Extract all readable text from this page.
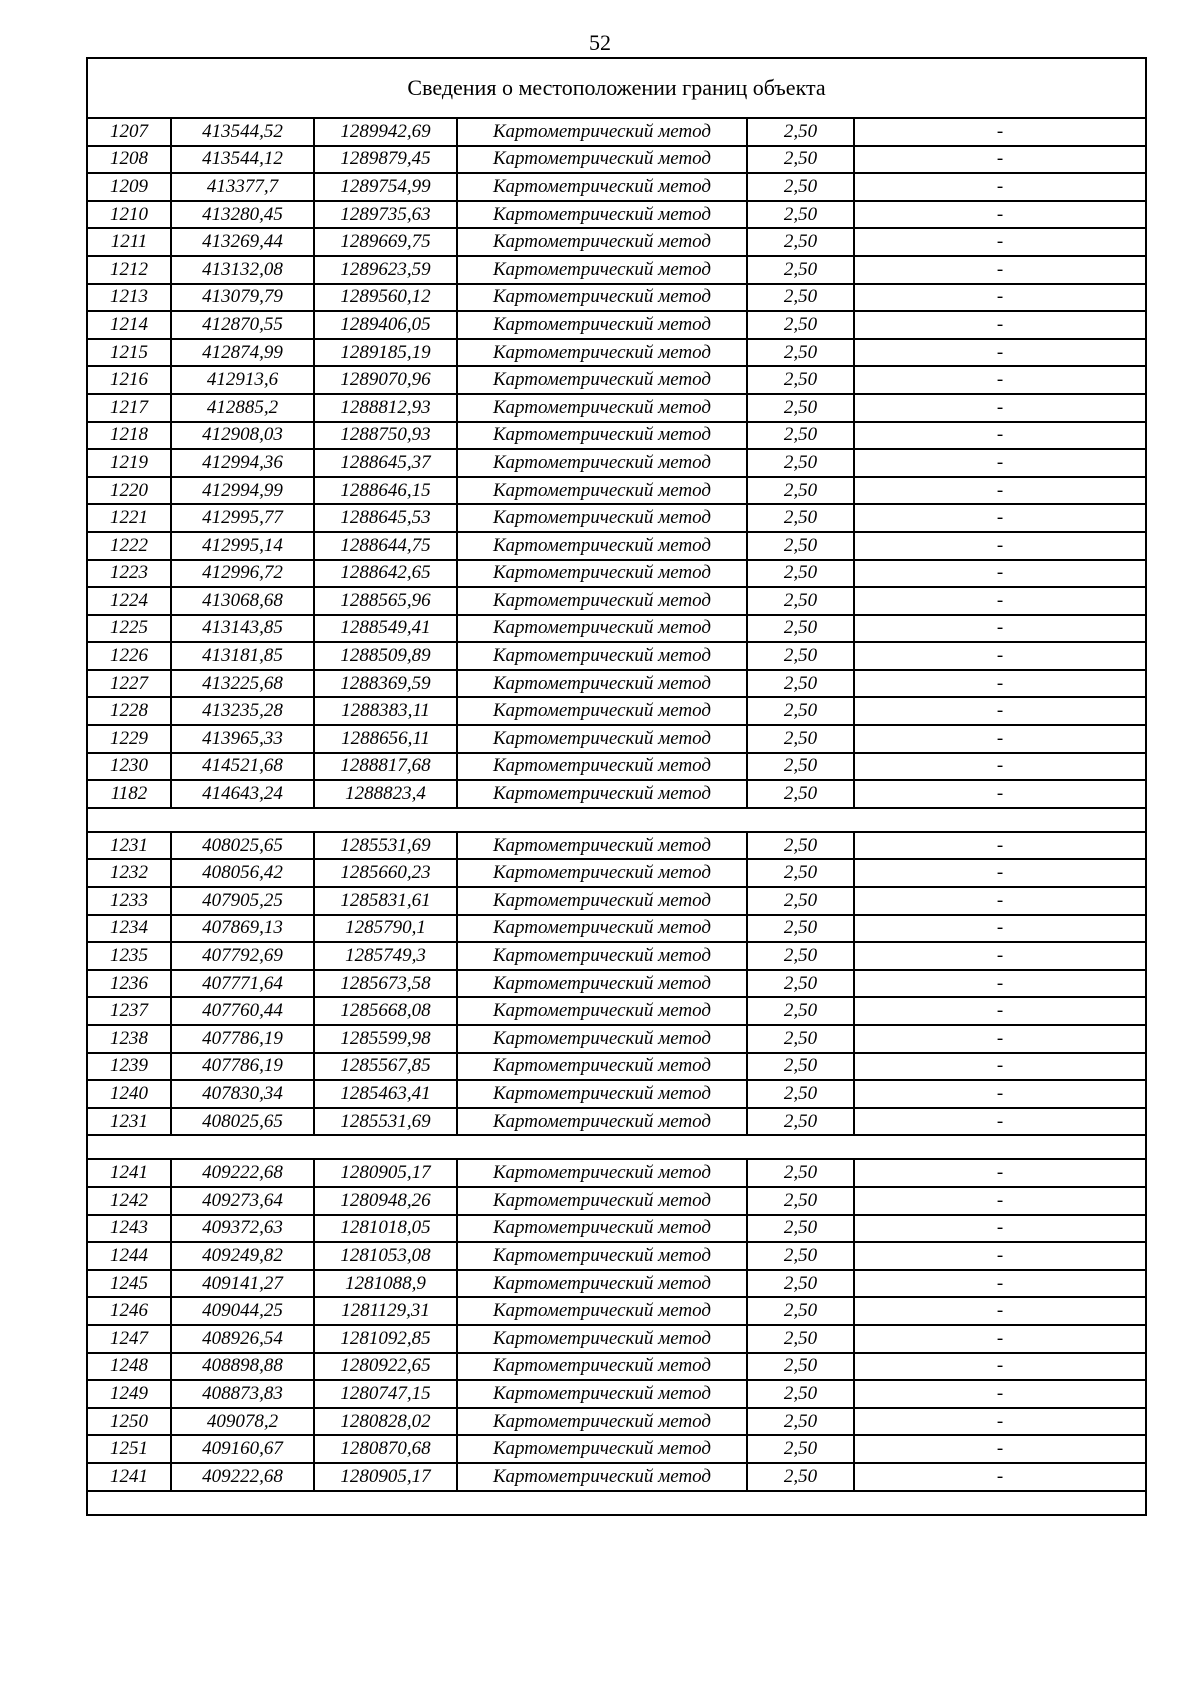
52
Сведения о местоположении границ объекта					
1207	413544,52	1289942,69	Картометрический метод	2,50	-
1208	413544,12	1289879,45	Картометрический метод	2,50	-
1209	413377,7	1289754,99	Картометрический метод	2,50	-
1210	413280,45	1289735,63	Картометрический метод	2,50	-
1211	413269,44	1289669,75	Картометрический метод	2,50	-
1212	413132,08	1289623,59	Картометрический метод	2,50	-
1213	413079,79	1289560,12	Картометрический метод	2,50	-
1214	412870,55	1289406,05	Картометрический метод	2,50	-
1215	412874,99	1289185,19	Картометрический метод	2,50	-
1216	412913,6	1289070,96	Картометрический метод	2,50	-
1217	412885,2	1288812,93	Картометрический метод	2,50	-
1218	412908,03	1288750,93	Картометрический метод	2,50	-
1219	412994,36	1288645,37	Картометрический метод	2,50	-
1220	412994,99	1288646,15	Картометрический метод	2,50	-
1221	412995,77	1288645,53	Картометрический метод	2,50	-
1222	412995,14	1288644,75	Картометрический метод	2,50	-
1223	412996,72	1288642,65	Картометрический метод	2,50	-
1224	413068,68	1288565,96	Картометрический метод	2,50	-
1225	413143,85	1288549,41	Картометрический метод	2,50	-
1226	413181,85	1288509,89	Картометрический метод	2,50	-
1227	413225,68	1288369,59	Картометрический метод	2,50	-
1228	413235,28	1288383,11	Картометрический метод	2,50	-
1229	413965,33	1288656,11	Картометрический метод	2,50	-
1230	414521,68	1288817,68	Картометрический метод	2,50	-
1182	414643,24	1288823,4	Картометрический метод	2,50	-

1231	408025,65	1285531,69	Картометрический метод	2,50	-
1232	408056,42	1285660,23	Картометрический метод	2,50	-
1233	407905,25	1285831,61	Картометрический метод	2,50	-
1234	407869,13	1285790,1	Картометрический метод	2,50	-
1235	407792,69	1285749,3	Картометрический метод	2,50	-
1236	407771,64	1285673,58	Картометрический метод	2,50	-
1237	407760,44	1285668,08	Картометрический метод	2,50	-
1238	407786,19	1285599,98	Картометрический метод	2,50	-
1239	407786,19	1285567,85	Картометрический метод	2,50	-
1240	407830,34	1285463,41	Картометрический метод	2,50	-
1231	408025,65	1285531,69	Картометрический метод	2,50	-

1241	409222,68	1280905,17	Картометрический метод	2,50	-
1242	409273,64	1280948,26	Картометрический метод	2,50	-
1243	409372,63	1281018,05	Картометрический метод	2,50	-
1244	409249,82	1281053,08	Картометрический метод	2,50	-
1245	409141,27	1281088,9	Картометрический метод	2,50	-
1246	409044,25	1281129,31	Картометрический метод	2,50	-
1247	408926,54	1281092,85	Картометрический метод	2,50	-
1248	408898,88	1280922,65	Картометрический метод	2,50	-
1249	408873,83	1280747,15	Картометрический метод	2,50	-
1250	409078,2	1280828,02	Картометрический метод	2,50	-
1251	409160,67	1280870,68	Картометрический метод	2,50	-
1241	409222,68	1280905,17	Картометрический метод	2,50	-
